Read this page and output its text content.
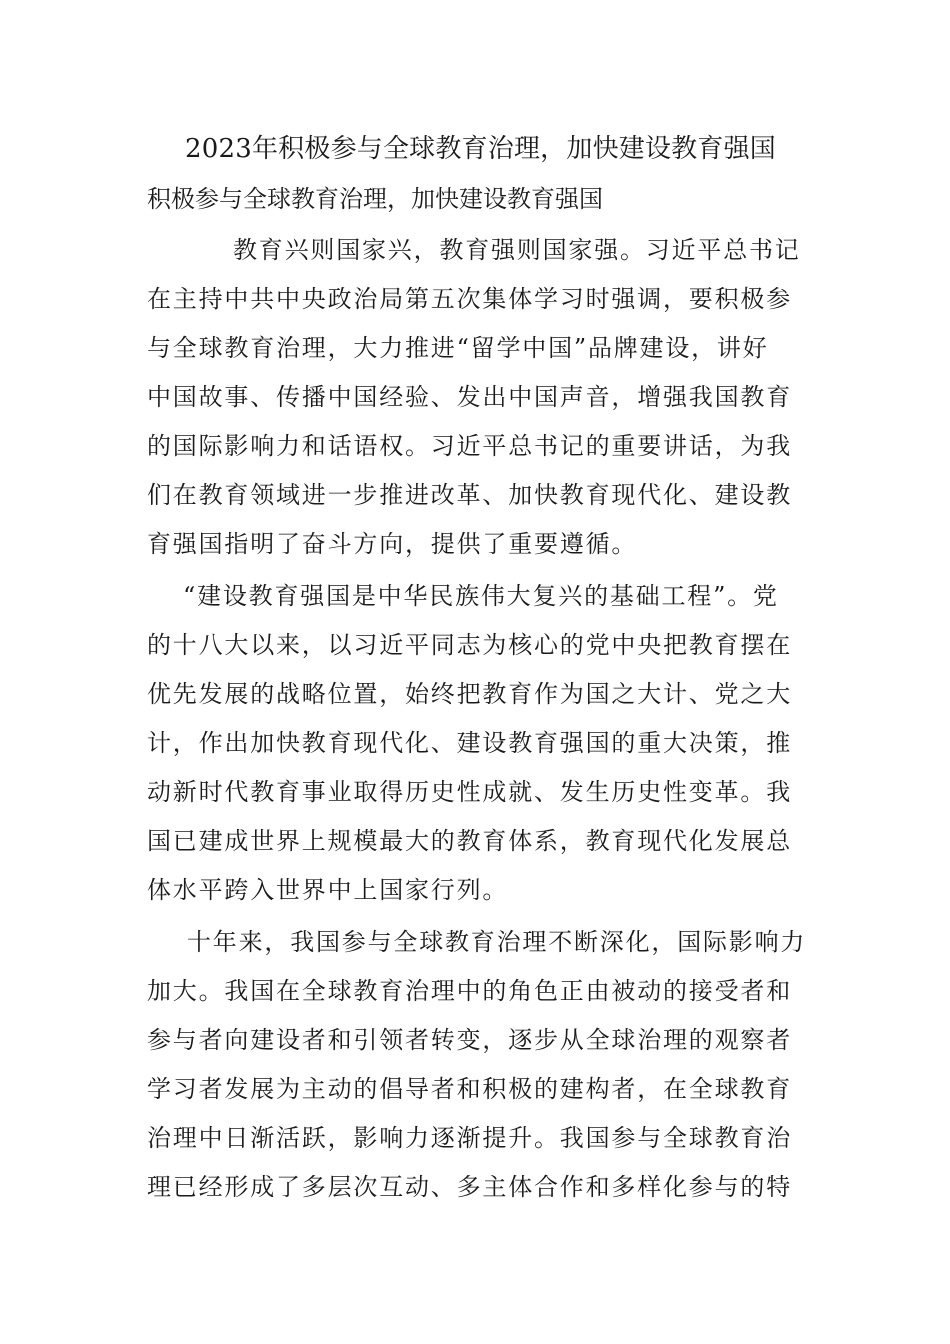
2023年积极参与全球教育治理，加快建设教育强国
积极参与全球教育治理，加快建设教育强国
教育兴则国家兴，教育强则国家强。习近平总书记
在主持中共中央政治局第五次集体学习时强调，要积极参
与全球教育治理，大力推进“留学中国”品牌建设，讲好
中国故事、传播中国经验、发出中国声音，增强我国教育
的国际影响力和话语权。习近平总书记的重要讲话，为我
们在教育领域进一步推进改革、加快教育现代化、建设教
育强国指明了奋斗方向，提供了重要遵循。
“建设教育强国是中华民族伟大复兴的基础工程”。党
的十八大以来，以习近平同志为核心的党中央把教育摆在
优先发展的战略位置，始终把教育作为国之大计、党之大
计，作出加快教育现代化、建设教育强国的重大决策，推
动新时代教育事业取得历史性成就、发生历史性变革。我
国已建成世界上规模最大的教育体系，教育现代化发展总
体水平跨入世界中上国家行列。
十年来，我国参与全球教育治理不断深化，国际影响力
加大。我国在全球教育治理中的角色正由被动的接受者和
参与者向建设者和引领者转变，逐步从全球治理的观察者
学习者发展为主动的倡导者和积极的建构者，在全球教育
治理中日渐活跃，影响力逐渐提升。我国参与全球教育治
理已经形成了多层次互动、多主体合作和多样化参与的特
